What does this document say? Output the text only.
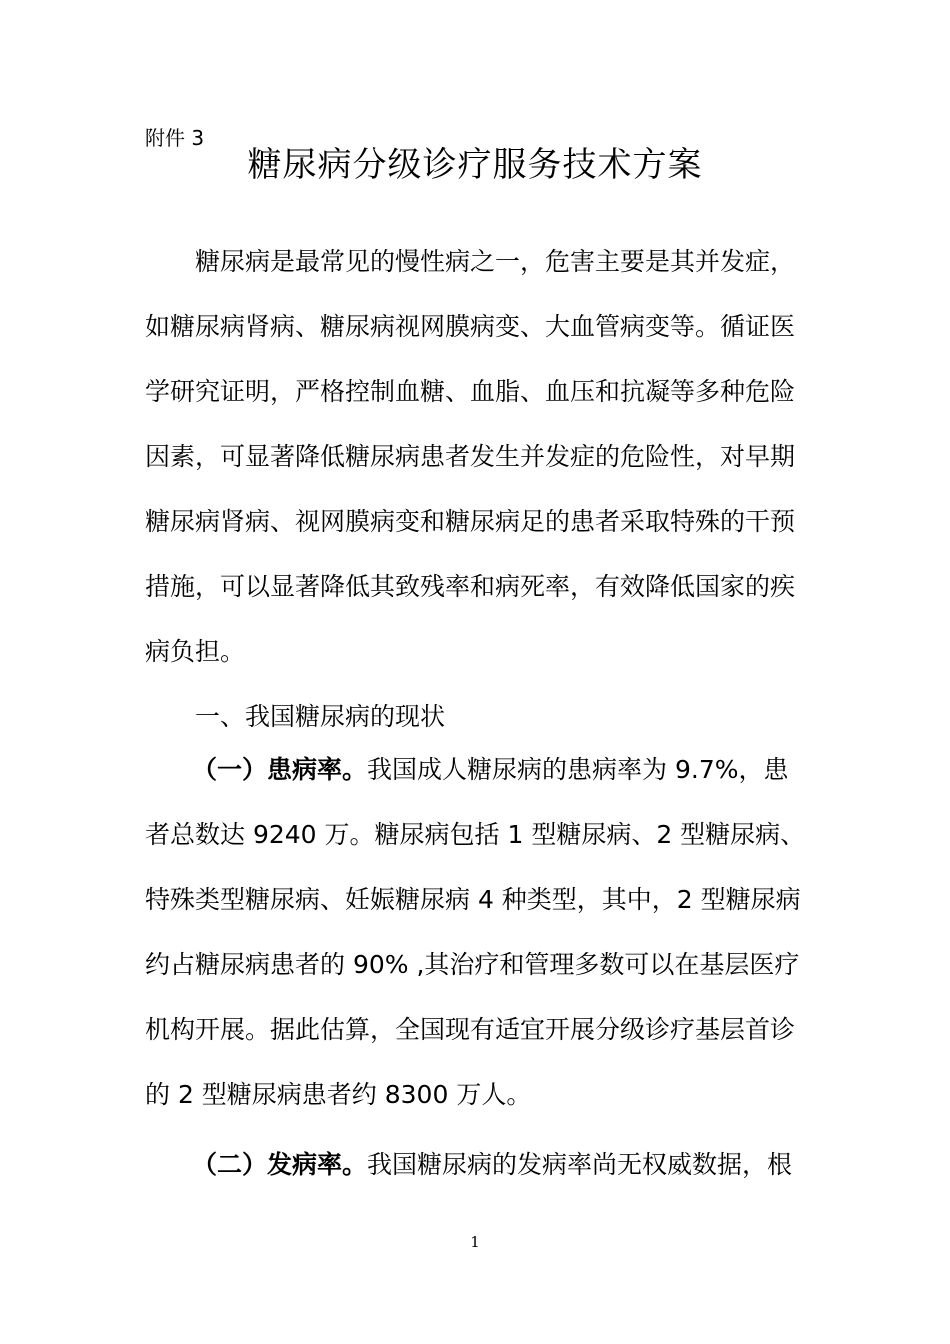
附件 3
糖尿病分级诊疗服务技术方案
糖尿病是最常见的慢性病之一，危害主要是其并发症，
如糖尿病肾病、糖尿病视网膜病变、大血管病变等。循证医
学研究证明，严格控制血糖、血脂、血压和抗凝等多种危险
因素，可显著降低糖尿病患者发生并发症的危险性，对早期
糖尿病肾病、视网膜病变和糖尿病足的患者采取特殊的干预
措施，可以显著降低其致残率和病死率，有效降低国家的疾
病负担。
一、我国糖尿病的现状
（一）患病率。我国成人糖尿病的患病率为 9.7%，患
者总数达 9240 万。糖尿病包括 1 型糖尿病、2 型糖尿病、
特殊类型糖尿病、妊娠糖尿病 4 种类型，其中，2 型糖尿病
约占糖尿病患者的 90% ,其治疗和管理多数可以在基层医疗
机构开展。据此估算，全国现有适宜开展分级诊疗基层首诊
的 2 型糖尿病患者约 8300 万人。
（二）发病率。我国糖尿病的发病率尚无权威数据，根
1
